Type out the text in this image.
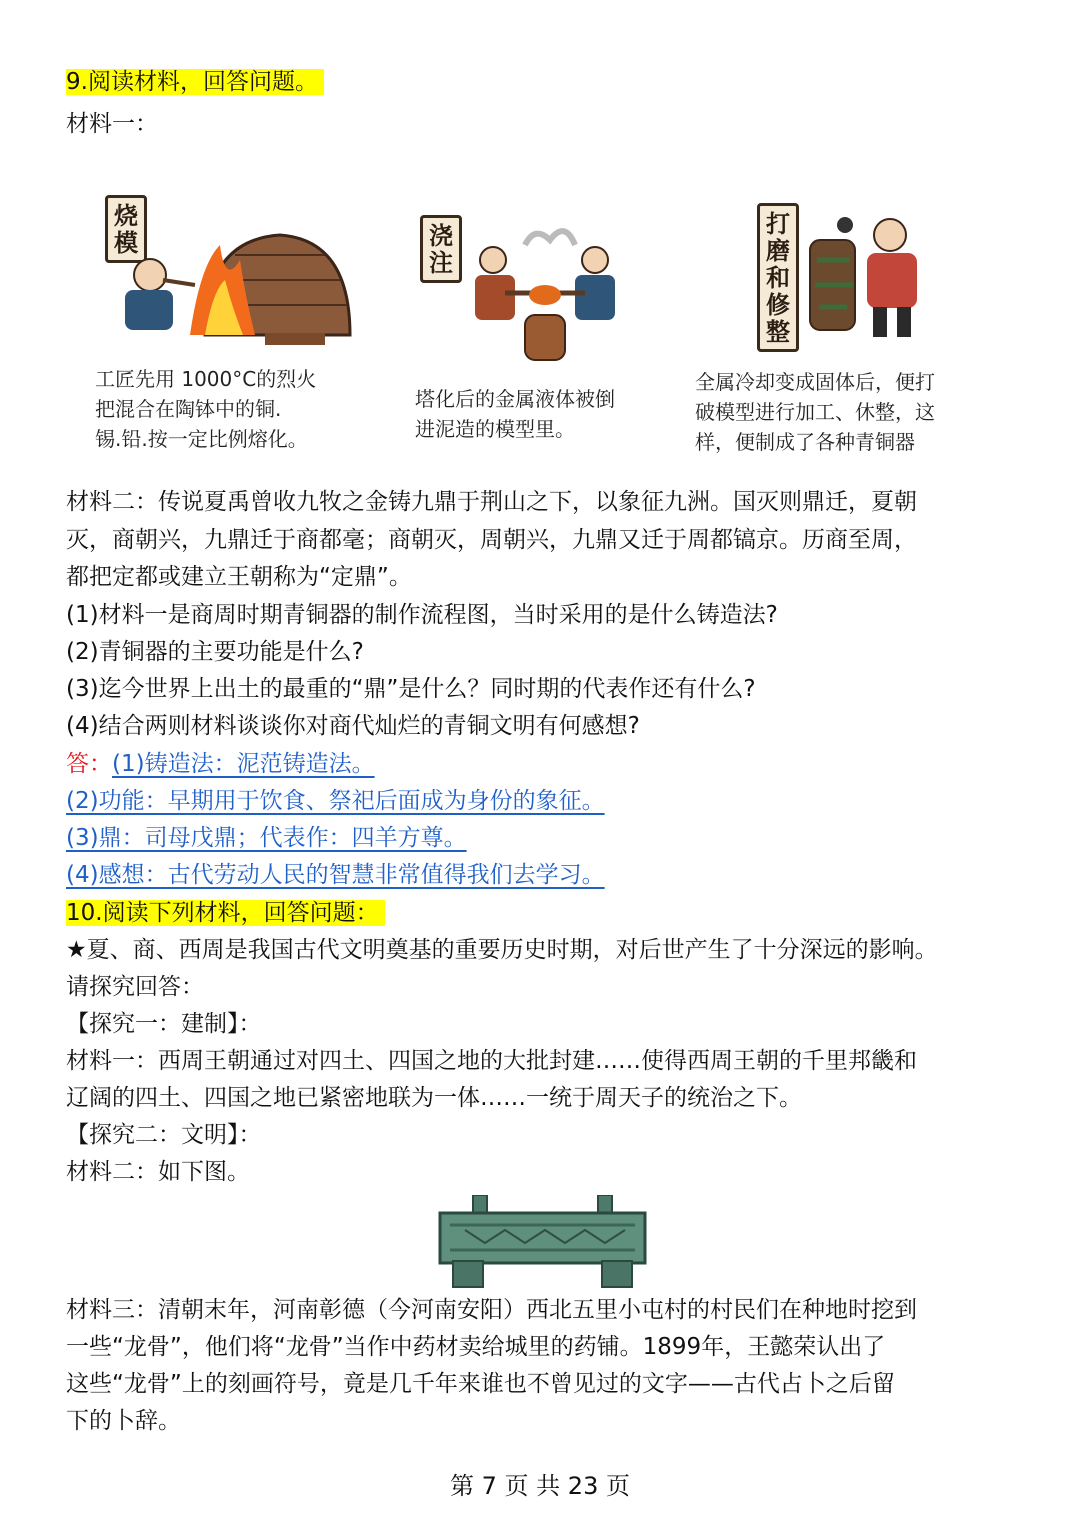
9.阅读材料，回答问题。
材料一：
烧模
工匠先用 1000°C的烈火
把混合在陶钵中的铜.
锡.铅.按一定比例熔化。
浇注
塔化后的金属液体被倒
进泥造的模型里。
打磨和修整
全属冷却变成固体后，便打
破模型进行加工、休整，这
样，便制成了各种青铜器
材料二：传说夏禹曾收九牧之金铸九鼎于荆山之下，以象征九洲。国灭则鼎迁，夏朝
灭，商朝兴，九鼎迁于商都毫；商朝灭，周朝兴，九鼎又迁于周都镐京。历商至周，
都把定都或建立王朝称为“定鼎”。
(1)材料一是商周时期青铜器的制作流程图，当时采用的是什么铸造法?
(2)青铜器的主要功能是什么?
(3)迄今世界上出土的最重的“鼎”是什么？同时期的代表作还有什么?
(4)结合两则材料谈谈你对商代灿烂的青铜文明有何感想?
答：(1)铸造法：泥范铸造法。
(2)功能：早期用于饮食、祭祀后面成为身份的象征。
(3)鼎：司母戊鼎；代表作：四羊方尊。
(4)感想：古代劳动人民的智慧非常值得我们去学习。
10.阅读下列材料，回答问题：
★夏、商、西周是我国古代文明奠基的重要历史时期，对后世产生了十分深远的影响。
请探究回答：
【探究一：建制】：
材料一：西周王朝通过对四土、四国之地的大批封建……使得西周王朝的千里邦畿和
辽阔的四土、四国之地已紧密地联为一体……一统于周天子的统治之下。
【探究二：文明】：
材料二：如下图。
材料三：清朝末年，河南彰德（今河南安阳）西北五里小屯村的村民们在种地时挖到
一些“龙骨”，他们将“龙骨”当作中药材卖给城里的药铺。1899年，王懿荣认出了
这些“龙骨”上的刻画符号，竟是几千年来谁也不曾见过的文字——古代占卜之后留
下的卜辞。
第 7 页 共 23 页
